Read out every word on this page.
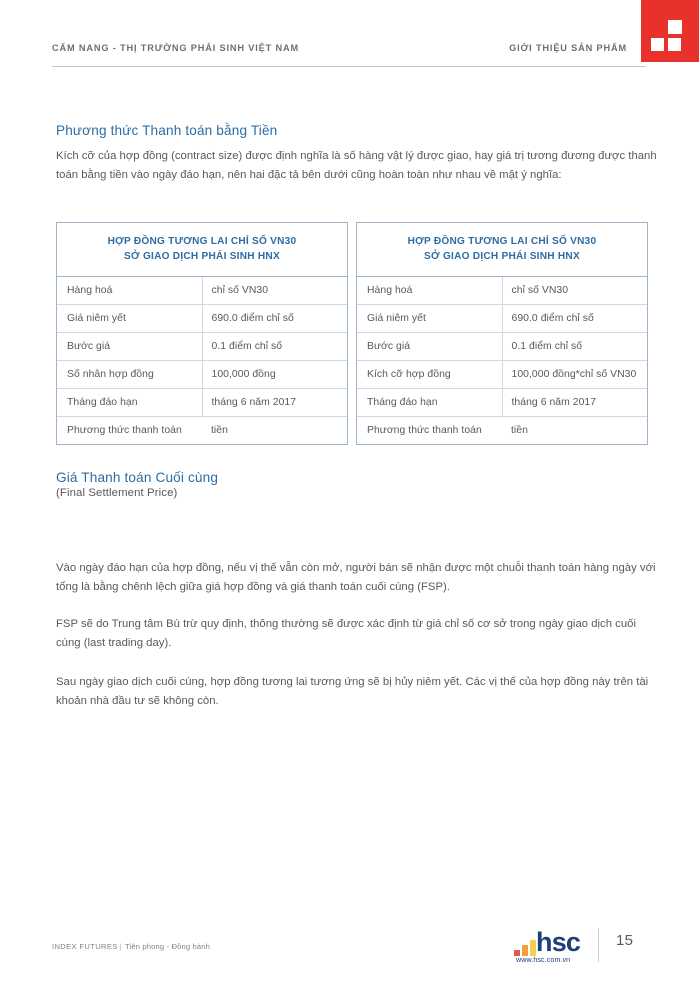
CẨM NANG - THỊ TRƯỜNG PHÁI SINH VIỆT NAM	GIỚI THIỆU SẢN PHẨM
Phương thức Thanh toán bằng Tiền

Kích cỡ của hợp đồng (contract size) được định nghĩa là số hàng vật lý được giao, hay giá trị tương đương được thanh toán bằng tiền vào ngày đáo hạn, nên hai đặc tả bên dưới cũng hoàn toàn như nhau về mặt ý nghĩa:

HỢP ĐỒNG TƯƠNG LAI CHỈ SỐ VN30
SỞ GIAO DỊCH PHÁI SINH HNX	
Hàng hoá	chỉ số VN30
Giá niêm yết	690.0 điểm chỉ số
Bước giá	0.1 điểm chỉ số
Số nhân hợp đồng	100,000 đồng
Tháng đáo hạn	tháng 6 năm 2017
Phương thức thanh toán	tiền
HỢP ĐỒNG TƯƠNG LAI CHỈ SỐ VN30
SỞ GIAO DỊCH PHÁI SINH HNX	
Hàng hoá	chỉ số VN30
Giá niêm yết	690.0 điểm chỉ số
Bước giá	0.1 điểm chỉ số
Kích cỡ hợp đồng	100,000 đồng*chỉ số VN30
Tháng đáo hạn	tháng 6 năm 2017
Phương thức thanh toán	tiền
Giá Thanh toán Cuối cùng
(Final Settlement Price)

Vào ngày đáo hạn của hợp đồng, nếu vị thế vẫn còn mở, người bán sẽ nhận được một chuỗi thanh toán hàng ngày với tổng là bằng chênh lệch giữa giá hợp đồng và giá thanh toán cuối cùng (FSP).

FSP sẽ do Trung tâm Bù trừ quy định, thông thường sẽ được xác định từ giá chỉ số cơ sở trong ngày giao dịch cuối cùng (last trading day).

Sau ngày giao dịch cuối cùng, hợp đồng tương lai tương ứng sẽ bị hủy niêm yết. Các vị thế của hợp đồng này trên tài khoản nhà đầu tư sẽ không còn.

INDEX FUTURES | Tiên phong - Đồng hành	hsc
www.hsc.com.vn
15
